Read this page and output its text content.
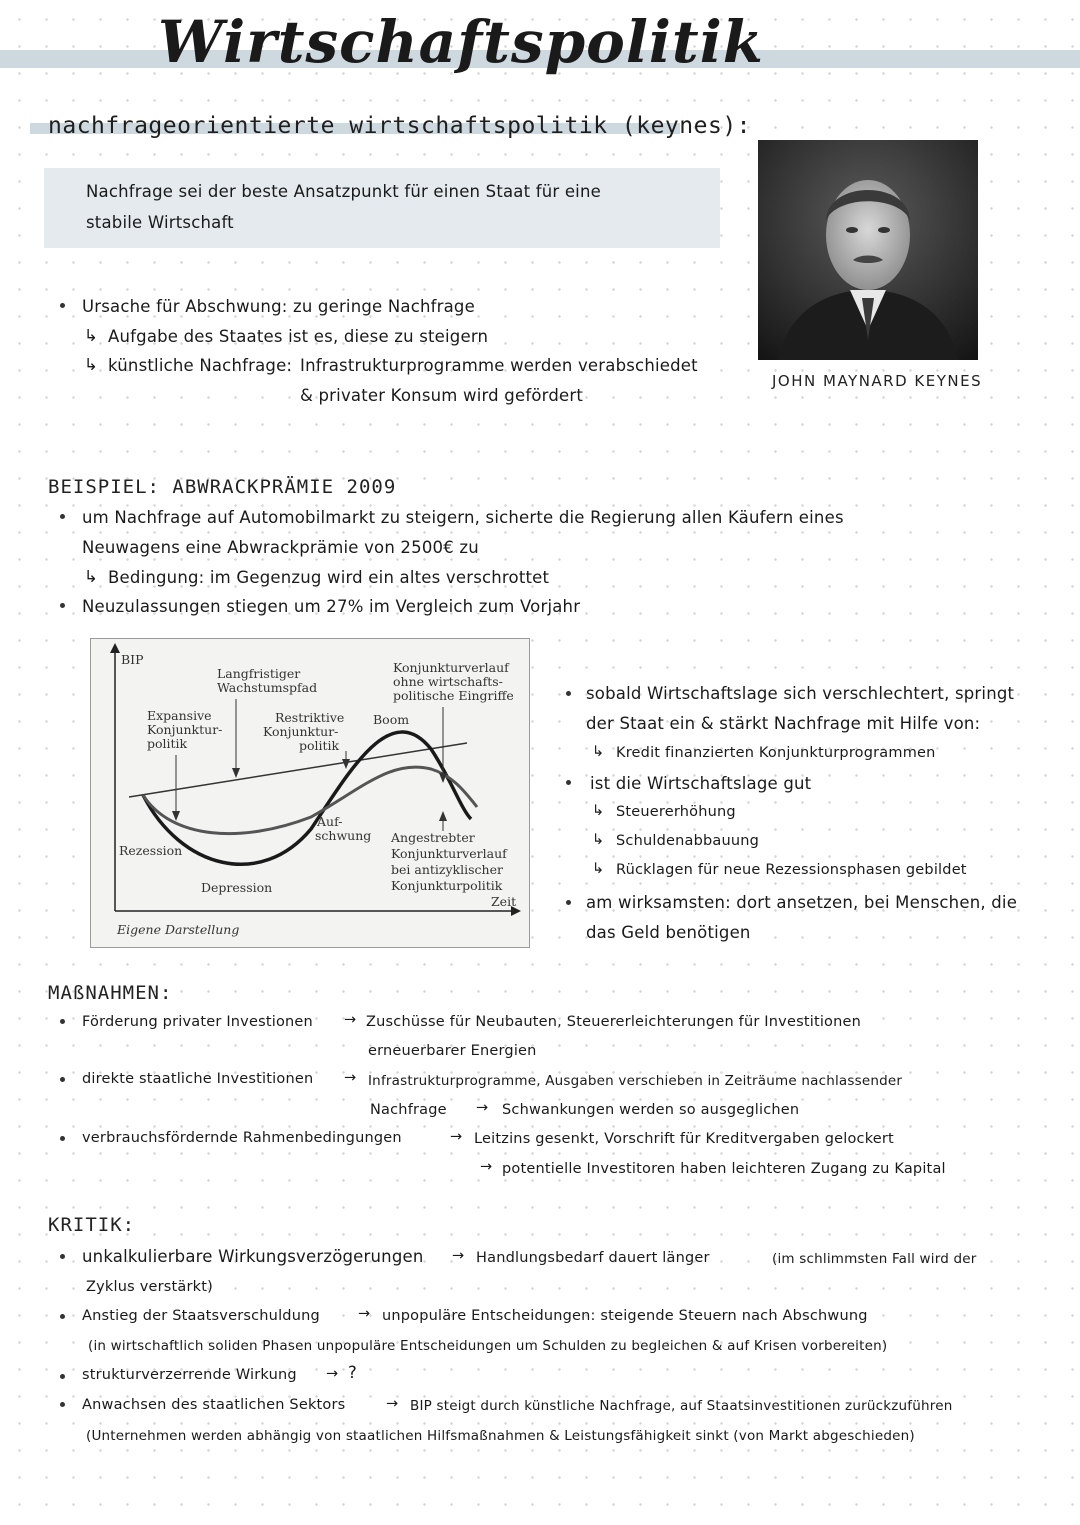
Wirtschaftspolitik
nachfrageorientierte wirtschaftspolitik (keynes):
Nachfrage sei der beste Ansatzpunkt für einen Staat für eine
stabile Wirtschaft
JOHN MAYNARD KEYNES
Ursache für Abschwung: zu geringe Nachfrage
↳ Aufgabe des Staates ist es, diese zu steigern
↳ künstliche Nachfrage: Infrastrukturprogramme werden verabschiedet
& privater Konsum wird gefördert
BEISPIEL: ABWRACKPRÄMIE 2009
um Nachfrage auf Automobilmarkt zu steigern, sicherte die Regierung allen Käufern eines
Neuwagens eine Abwrackprämie von 2500€ zu
↳ Bedingung: im Gegenzug wird ein altes verschrottet
Neuzulassungen stiegen um 27% im Vergleich zum Vorjahr
BIP
Langfristiger
Wachstumspfad
Konjunkturverlauf
ohne wirtschafts-
politische Eingriffe
Expansive
Konjunktur-
politik
Restriktive
Konjunktur-
politik
Boom
Auf-
schwung
Rezession
Depression
Angestrebter
Konjunkturverlauf
bei antizyklischer
Konjunkturpolitik
Zeit
Eigene Darstellung
sobald Wirtschaftslage sich verschlechtert, springt
der Staat ein & stärkt Nachfrage mit Hilfe von:
↳ Kredit finanzierten Konjunkturprogrammen
ist die Wirtschaftslage gut
↳ Steuererhöhung
↳ Schuldenabbauung
↳ Rücklagen für neue Rezessionsphasen gebildet
am wirksamsten: dort ansetzen, bei Menschen, die
das Geld benötigen
MAßNAHMEN:
Förderung privater Investionen → Zuschüsse für Neubauten, Steuererleichterungen für Investitionen
erneuerbarer Energien
direkte staatliche Investitionen → Infrastrukturprogramme, Ausgaben verschieben in Zeiträume nachlassender
Nachfrage → Schwankungen werden so ausgeglichen
verbrauchsfördernde Rahmenbedingungen	→ Leitzins gesenkt, Vorschrift für Kreditvergaben gelockert
→ potentielle Investitoren haben leichteren Zugang zu Kapital
KRITIK:
unkalkulierbare Wirkungsverzögerungen → Handlungsbedarf dauert länger	(im schlimmsten Fall wird der
Zyklus verstärkt)
Anstieg der Staatsverschuldung	→ unpopuläre Entscheidungen: steigende Steuern nach Abschwung
(in wirtschaftlich soliden Phasen unpopuläre Entscheidungen um Schulden zu begleichen & auf Krisen vorbereiten)
strukturverzerrende Wirkung → ?
Anwachsen des staatlichen Sektors	→ BIP steigt durch künstliche Nachfrage, auf Staatsinvestitionen zurückzuführen
(Unternehmen werden abhängig von staatlichen Hilfsmaßnahmen & Leistungsfähigkeit sinkt (von Markt abgeschieden)
